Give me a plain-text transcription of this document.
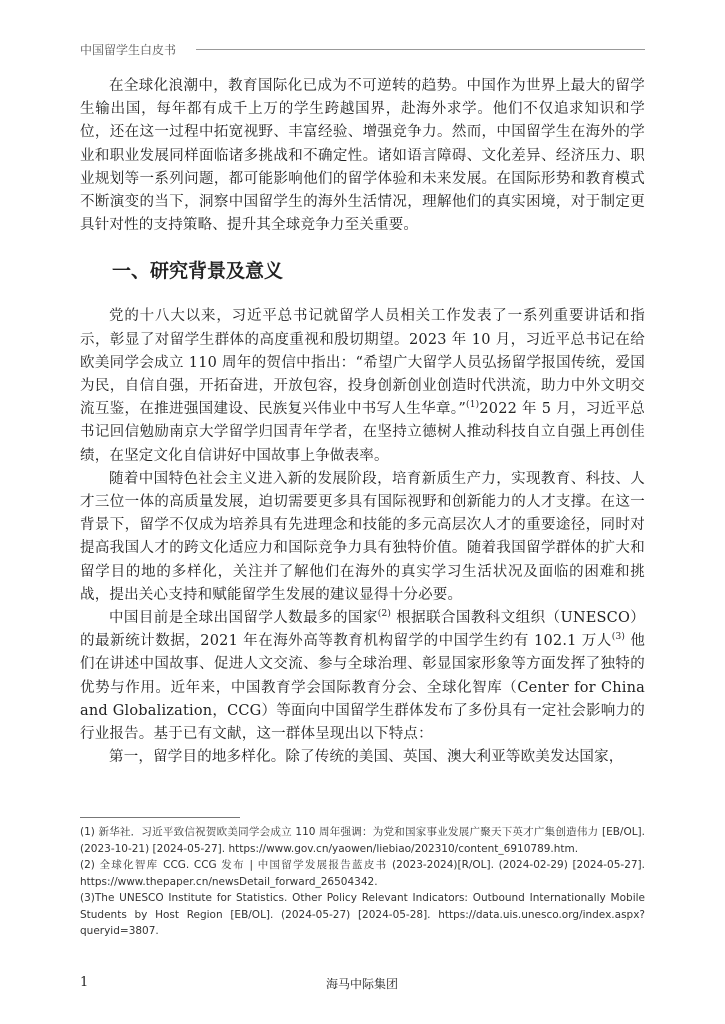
中国留学生白皮书

在全球化浪潮中，教育国际化已成为不可逆转的趋势。中国作为世界上最大的留学生输出国，每年都有成千上万的学生跨越国界，赴海外求学。他们不仅追求知识和学位，还在这一过程中拓宽视野、丰富经验、增强竞争力。然而，中国留学生在海外的学业和职业发展同样面临诸多挑战和不确定性。诸如语言障碍、文化差异、经济压力、职业规划等一系列问题，都可能影响他们的留学体验和未来发展。在国际形势和教育模式不断演变的当下，洞察中国留学生的海外生活情况，理解他们的真实困境，对于制定更具针对性的支持策略、提升其全球竞争力至关重要。

一、研究背景及意义

党的十八大以来，习近平总书记就留学人员相关工作发表了一系列重要讲话和指示，彰显了对留学生群体的高度重视和殷切期望。2023 年 10 月，习近平总书记在给欧美同学会成立 110 周年的贺信中指出：“希望广大留学人员弘扬留学报国传统，爱国为民，自信自强，开拓奋进，开放包容，投身创新创业创造时代洪流，助力中外文明交流互鉴，在推进强国建设、民族复兴伟业中书写人生华章。”$^{(1)}$2022 年 5 月，习近平总书记回信勉励南京大学留学归国青年学者，在坚持立德树人推动科技自立自强上再创佳绩，在坚定文化自信讲好中国故事上争做表率。

随着中国特色社会主义进入新的发展阶段，培育新质生产力，实现教育、科技、人才三位一体的高质量发展，迫切需要更多具有国际视野和创新能力的人才支撑。在这一背景下，留学不仅成为培养具有先进理念和技能的多元高层次人才的重要途径，同时对提高我国人才的跨文化适应力和国际竞争力具有独特价值。随着我国留学群体的扩大和留学目的地的多样化，关注并了解他们在海外的真实学习生活状况及面临的困难和挑战，提出关心支持和赋能留学生发展的建议显得十分必要。

中国目前是全球出国留学人数最多的国家$^{(2)}$ 根据联合国教科文组织（UNESCO）的最新统计数据，2021 年在海外高等教育机构留学的中国学生约有 102.1 万人$^{(3)}$ 他们在讲述中国故事、促进人文交流、参与全球治理、彰显国家形象等方面发挥了独特的优势与作用。近年来，中国教育学会国际教育分会、全球化智库（Center for China and Globalization，CCG）等面向中国留学生群体发布了多份具有一定社会影响力的行业报告。基于已有文献，这一群体呈现出以下特点：

第一，留学目的地多样化。除了传统的美国、英国、澳大利亚等欧美发达国家，

(1) 新华社．习近平致信祝贺欧美同学会成立 110 周年强调：为党和国家事业发展广聚天下英才广集创造伟力 [EB/OL]. (2023-10-21) [2024-05-27]. https://www.gov.cn/yaowen/liebiao/202310/content_6910789.htm.

(2) 全球化智库 CCG. CCG 发布 | 中国留学发展报告蓝皮书 (2023-2024)[R/OL]. (2024-02-29) [2024-05-27]. https://www.thepaper.cn/newsDetail_forward_26504342.

(3)The UNESCO Institute for Statistics. Other Policy Relevant Indicators: Outbound Internationally Mobile Students by Host Region [EB/OL]. (2024-05-27) [2024-05-28]. https://data.uis.unesco.org/index.aspx?queryid=3807.

1	海马中际集团
